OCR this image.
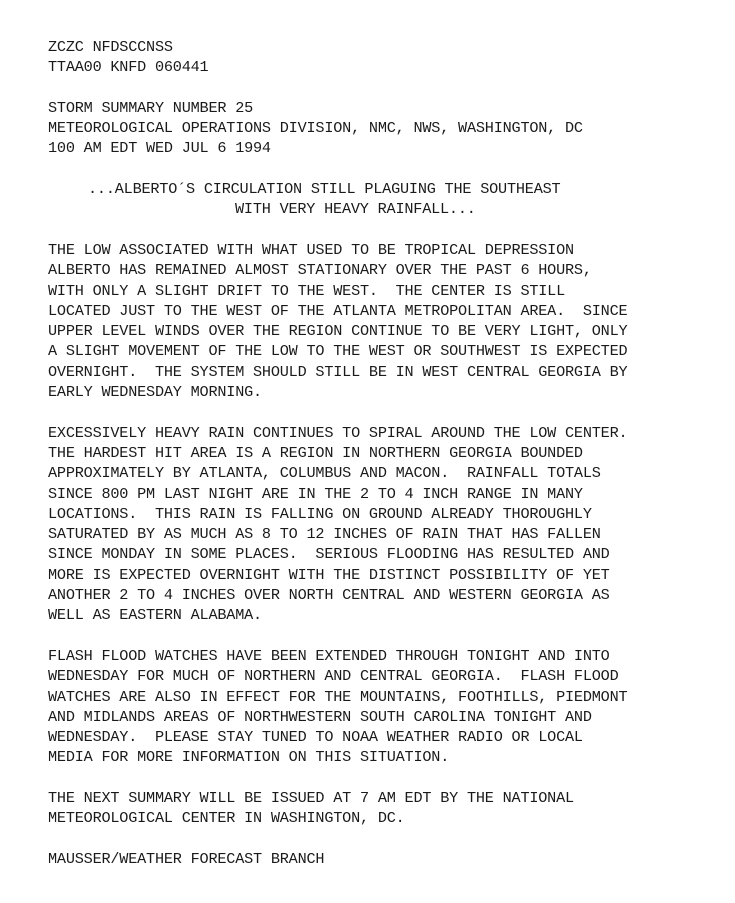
ZCZC NFDSCCNSS
TTAA00 KNFD 060441
STORM SUMMARY NUMBER 25
METEOROLOGICAL OPERATIONS DIVISION, NMC, NWS, WASHINGTON, DC
100 AM EDT WED JUL 6 1994
...ALBERTO´S CIRCULATION STILL PLAGUING THE SOUTHEAST
WITH VERY HEAVY RAINFALL...
THE LOW ASSOCIATED WITH WHAT USED TO BE TROPICAL DEPRESSION
ALBERTO HAS REMAINED ALMOST STATIONARY OVER THE PAST 6 HOURS,
WITH ONLY A SLIGHT DRIFT TO THE WEST.  THE CENTER IS STILL
LOCATED JUST TO THE WEST OF THE ATLANTA METROPOLITAN AREA.  SINCE
UPPER LEVEL WINDS OVER THE REGION CONTINUE TO BE VERY LIGHT, ONLY
A SLIGHT MOVEMENT OF THE LOW TO THE WEST OR SOUTHWEST IS EXPECTED
OVERNIGHT.  THE SYSTEM SHOULD STILL BE IN WEST CENTRAL GEORGIA BY
EARLY WEDNESDAY MORNING.
EXCESSIVELY HEAVY RAIN CONTINUES TO SPIRAL AROUND THE LOW CENTER.
THE HARDEST HIT AREA IS A REGION IN NORTHERN GEORGIA BOUNDED
APPROXIMATELY BY ATLANTA, COLUMBUS AND MACON.  RAINFALL TOTALS
SINCE 800 PM LAST NIGHT ARE IN THE 2 TO 4 INCH RANGE IN MANY
LOCATIONS.  THIS RAIN IS FALLING ON GROUND ALREADY THOROUGHLY
SATURATED BY AS MUCH AS 8 TO 12 INCHES OF RAIN THAT HAS FALLEN
SINCE MONDAY IN SOME PLACES.  SERIOUS FLOODING HAS RESULTED AND
MORE IS EXPECTED OVERNIGHT WITH THE DISTINCT POSSIBILITY OF YET
ANOTHER 2 TO 4 INCHES OVER NORTH CENTRAL AND WESTERN GEORGIA AS
WELL AS EASTERN ALABAMA.
FLASH FLOOD WATCHES HAVE BEEN EXTENDED THROUGH TONIGHT AND INTO
WEDNESDAY FOR MUCH OF NORTHERN AND CENTRAL GEORGIA.  FLASH FLOOD
WATCHES ARE ALSO IN EFFECT FOR THE MOUNTAINS, FOOTHILLS, PIEDMONT
AND MIDLANDS AREAS OF NORTHWESTERN SOUTH CAROLINA TONIGHT AND
WEDNESDAY.  PLEASE STAY TUNED TO NOAA WEATHER RADIO OR LOCAL
MEDIA FOR MORE INFORMATION ON THIS SITUATION.
THE NEXT SUMMARY WILL BE ISSUED AT 7 AM EDT BY THE NATIONAL
METEOROLOGICAL CENTER IN WASHINGTON, DC.
MAUSSER/WEATHER FORECAST BRANCH
